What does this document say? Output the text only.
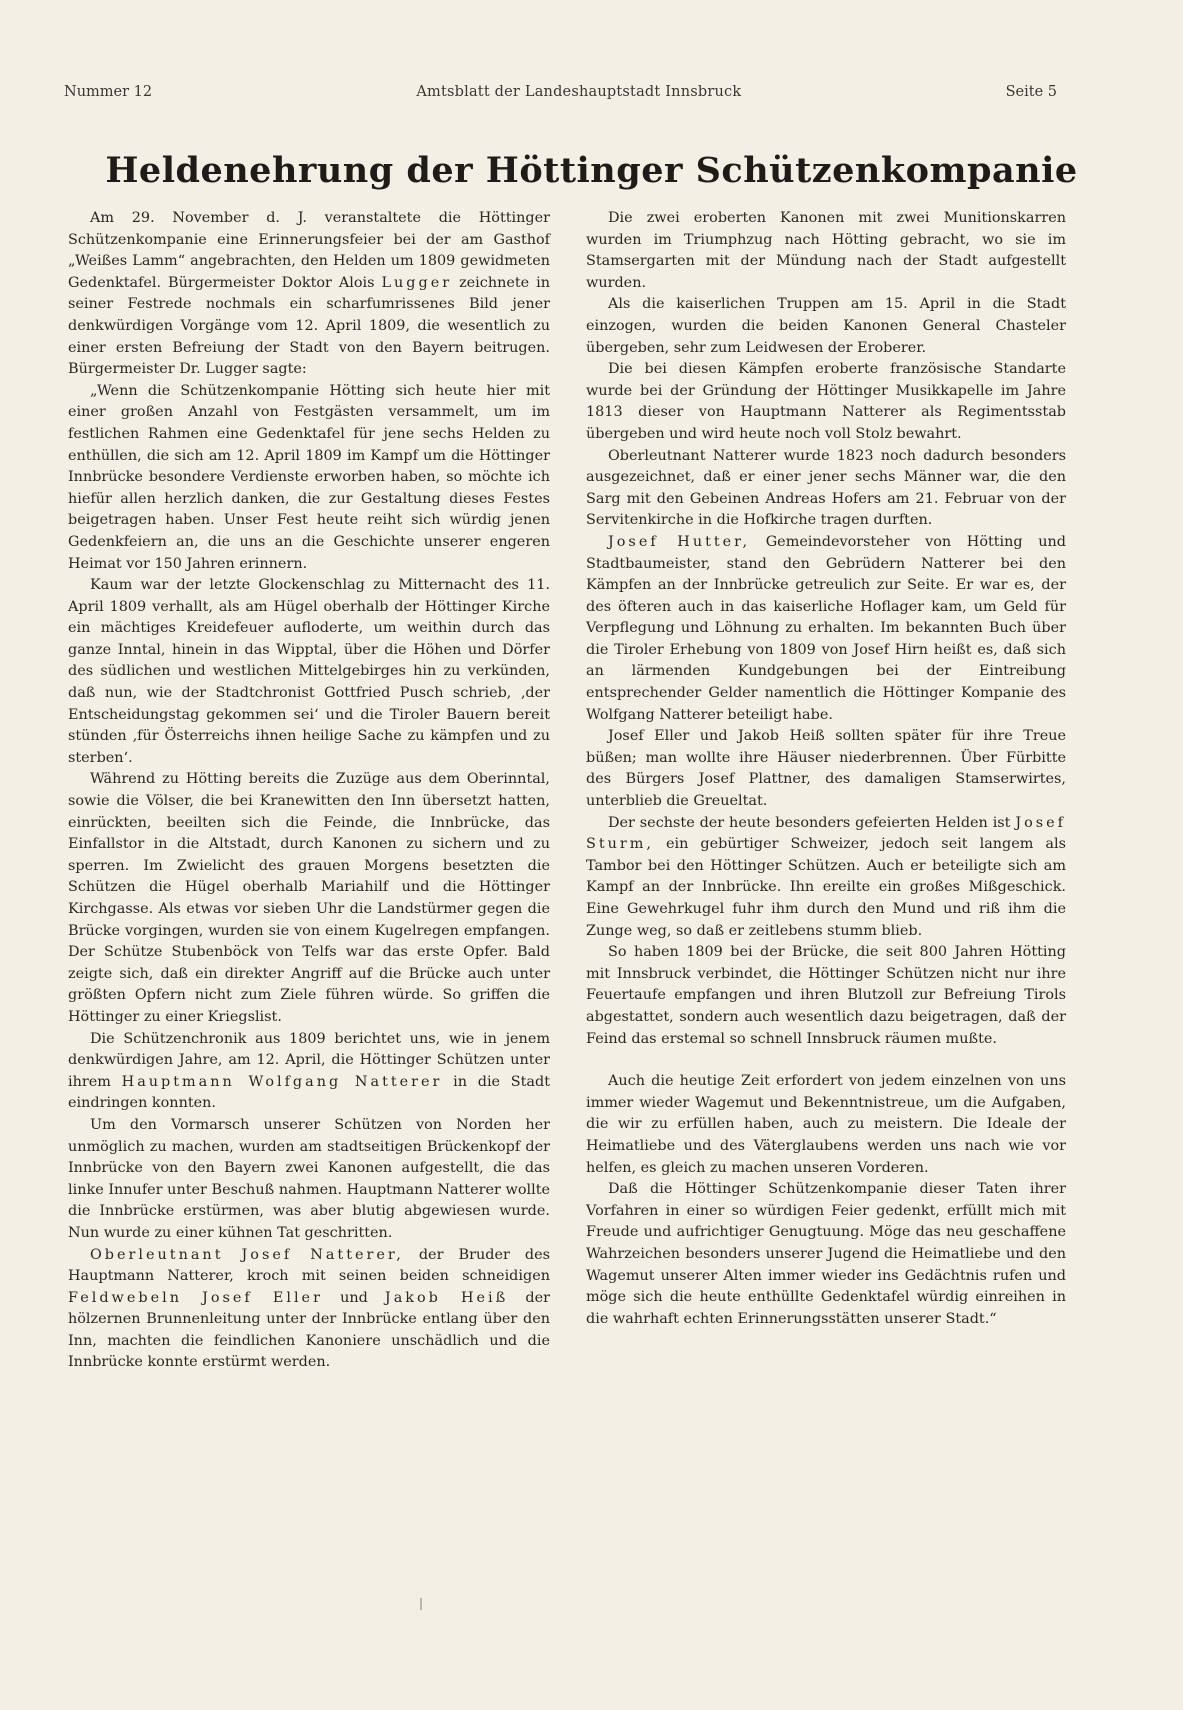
Nummer 12	Amtsblatt der Landeshauptstadt Innsbruck	Seite 5
Heldenehrung der Höttinger Schützenkompanie

Am 29. November d. J. veranstaltete die Höttinger Schützenkompanie eine Erinnerungsfeier bei der am Gasthof „Weißes Lamm“ angebrachten, den Helden um 1809 gewidmeten Gedenktafel. Bürgermeister Doktor Alois Lugger zeichnete in seiner Festrede nochmals ein scharfumrissenes Bild jener denkwürdigen Vorgänge vom 12. April 1809, die wesentlich zu einer ersten Befreiung der Stadt von den Bayern beitrugen. Bürgermeister Dr. Lugger sagte:

„Wenn die Schützenkompanie Hötting sich heute hier mit einer großen Anzahl von Festgästen versammelt, um im festlichen Rahmen eine Gedenktafel für jene sechs Helden zu enthüllen, die sich am 12. April 1809 im Kampf um die Höttinger Innbrücke besondere Verdienste erworben haben, so möchte ich hiefür allen herzlich danken, die zur Gestaltung dieses Festes beigetragen haben. Unser Fest heute reiht sich würdig jenen Gedenkfeiern an, die uns an die Geschichte unserer engeren Heimat vor 150 Jahren erinnern.

Kaum war der letzte Glockenschlag zu Mitternacht des 11. April 1809 verhallt, als am Hügel oberhalb der Höttinger Kirche ein mächtiges Kreidefeuer aufloderte, um weithin durch das ganze Inntal, hinein in das Wipptal, über die Höhen und Dörfer des südlichen und westlichen Mittelgebirges hin zu verkünden, daß nun, wie der Stadtchronist Gottfried Pusch schrieb, ‚der Entscheidungstag gekommen sei‘ und die Tiroler Bauern bereit stünden ‚für Österreichs ihnen heilige Sache zu kämpfen und zu sterben‘.

Während zu Hötting bereits die Zuzüge aus dem Oberinntal, sowie die Völser, die bei Kranewitten den Inn übersetzt hatten, einrückten, beeilten sich die Feinde, die Innbrücke, das Einfallstor in die Altstadt, durch Kanonen zu sichern und zu sperren. Im Zwielicht des grauen Morgens besetzten die Schützen die Hügel oberhalb Mariahilf und die Höttinger Kirchgasse. Als etwas vor sieben Uhr die Landstürmer gegen die Brücke vorgingen, wurden sie von einem Kugelregen empfangen. Der Schütze Stubenböck von Telfs war das erste Opfer. Bald zeigte sich, daß ein direkter Angriff auf die Brücke auch unter größten Opfern nicht zum Ziele führen würde. So griffen die Höttinger zu einer Kriegslist.

Die Schützenchronik aus 1809 berichtet uns, wie in jenem denkwürdigen Jahre, am 12. April, die Höttinger Schützen unter ihrem Hauptmann Wolfgang Natterer in die Stadt eindringen konnten.

Um den Vormarsch unserer Schützen von Norden her unmöglich zu machen, wurden am stadtseitigen Brückenkopf der Innbrücke von den Bayern zwei Kanonen aufgestellt, die das linke Innufer unter Beschuß nahmen. Hauptmann Natterer wollte die Innbrücke erstürmen, was aber blutig abgewiesen wurde. Nun wurde zu einer kühnen Tat geschritten.

Oberleutnant Josef Natterer, der Bruder des Hauptmann Natterer, kroch mit seinen beiden schneidigen Feldwebeln Josef Eller und Jakob Heiß der hölzernen Brunnenleitung unter der Innbrücke entlang über den Inn, machten die feindlichen Kanoniere unschädlich und die Innbrücke konnte erstürmt werden.

Die zwei eroberten Kanonen mit zwei Munitionskarren wurden im Triumphzug nach Hötting gebracht, wo sie im Stamsergarten mit der Mündung nach der Stadt aufgestellt wurden.

Als die kaiserlichen Truppen am 15. April in die Stadt einzogen, wurden die beiden Kanonen General Chasteler übergeben, sehr zum Leidwesen der Eroberer.

Die bei diesen Kämpfen eroberte französische Standarte wurde bei der Gründung der Höttinger Musikkapelle im Jahre 1813 dieser von Hauptmann Natterer als Regimentsstab übergeben und wird heute noch voll Stolz bewahrt.

Oberleutnant Natterer wurde 1823 noch dadurch besonders ausgezeichnet, daß er einer jener sechs Männer war, die den Sarg mit den Gebeinen Andreas Hofers am 21. Februar von der Servitenkirche in die Hofkirche tragen durften.

Josef Hutter, Gemeindevorsteher von Hötting und Stadtbaumeister, stand den Gebrüdern Natterer bei den Kämpfen an der Innbrücke getreulich zur Seite. Er war es, der des öfteren auch in das kaiserliche Hoflager kam, um Geld für Verpflegung und Löhnung zu erhalten. Im bekannten Buch über die Tiroler Erhebung von 1809 von Josef Hirn heißt es, daß sich an lärmenden Kundgebungen bei der Eintreibung entsprechender Gelder namentlich die Höttinger Kompanie des Wolfgang Natterer beteiligt habe.

Josef Eller und Jakob Heiß sollten später für ihre Treue büßen; man wollte ihre Häuser niederbrennen. Über Fürbitte des Bürgers Josef Plattner, des damaligen Stamserwirtes, unterblieb die Greueltat.

Der sechste der heute besonders gefeierten Helden ist Josef Sturm, ein gebürtiger Schweizer, jedoch seit langem als Tambor bei den Höttinger Schützen. Auch er beteiligte sich am Kampf an der Innbrücke. Ihn ereilte ein großes Mißgeschick. Eine Gewehrkugel fuhr ihm durch den Mund und riß ihm die Zunge weg, so daß er zeitlebens stumm blieb.

So haben 1809 bei der Brücke, die seit 800 Jahren Hötting mit Innsbruck verbindet, die Höttinger Schützen nicht nur ihre Feuertaufe empfangen und ihren Blutzoll zur Befreiung Tirols abgestattet, sondern auch wesentlich dazu beigetragen, daß der Feind das erstemal so schnell Innsbruck räumen mußte.

Auch die heutige Zeit erfordert von jedem einzelnen von uns immer wieder Wagemut und Bekenntnistreue, um die Aufgaben, die wir zu erfüllen haben, auch zu meistern. Die Ideale der Heimatliebe und des Väterglaubens werden uns nach wie vor helfen, es gleich zu machen unseren Vorderen.

Daß die Höttinger Schützenkompanie dieser Taten ihrer Vorfahren in einer so würdigen Feier gedenkt, erfüllt mich mit Freude und aufrichtiger Genugtuung. Möge das neu geschaffene Wahrzeichen besonders unserer Jugend die Heimatliebe und den Wagemut unserer Alten immer wieder ins Gedächtnis rufen und möge sich die heute enthüllte Gedenktafel würdig einreihen in die wahrhaft echten Erinnerungsstätten unserer Stadt.“
